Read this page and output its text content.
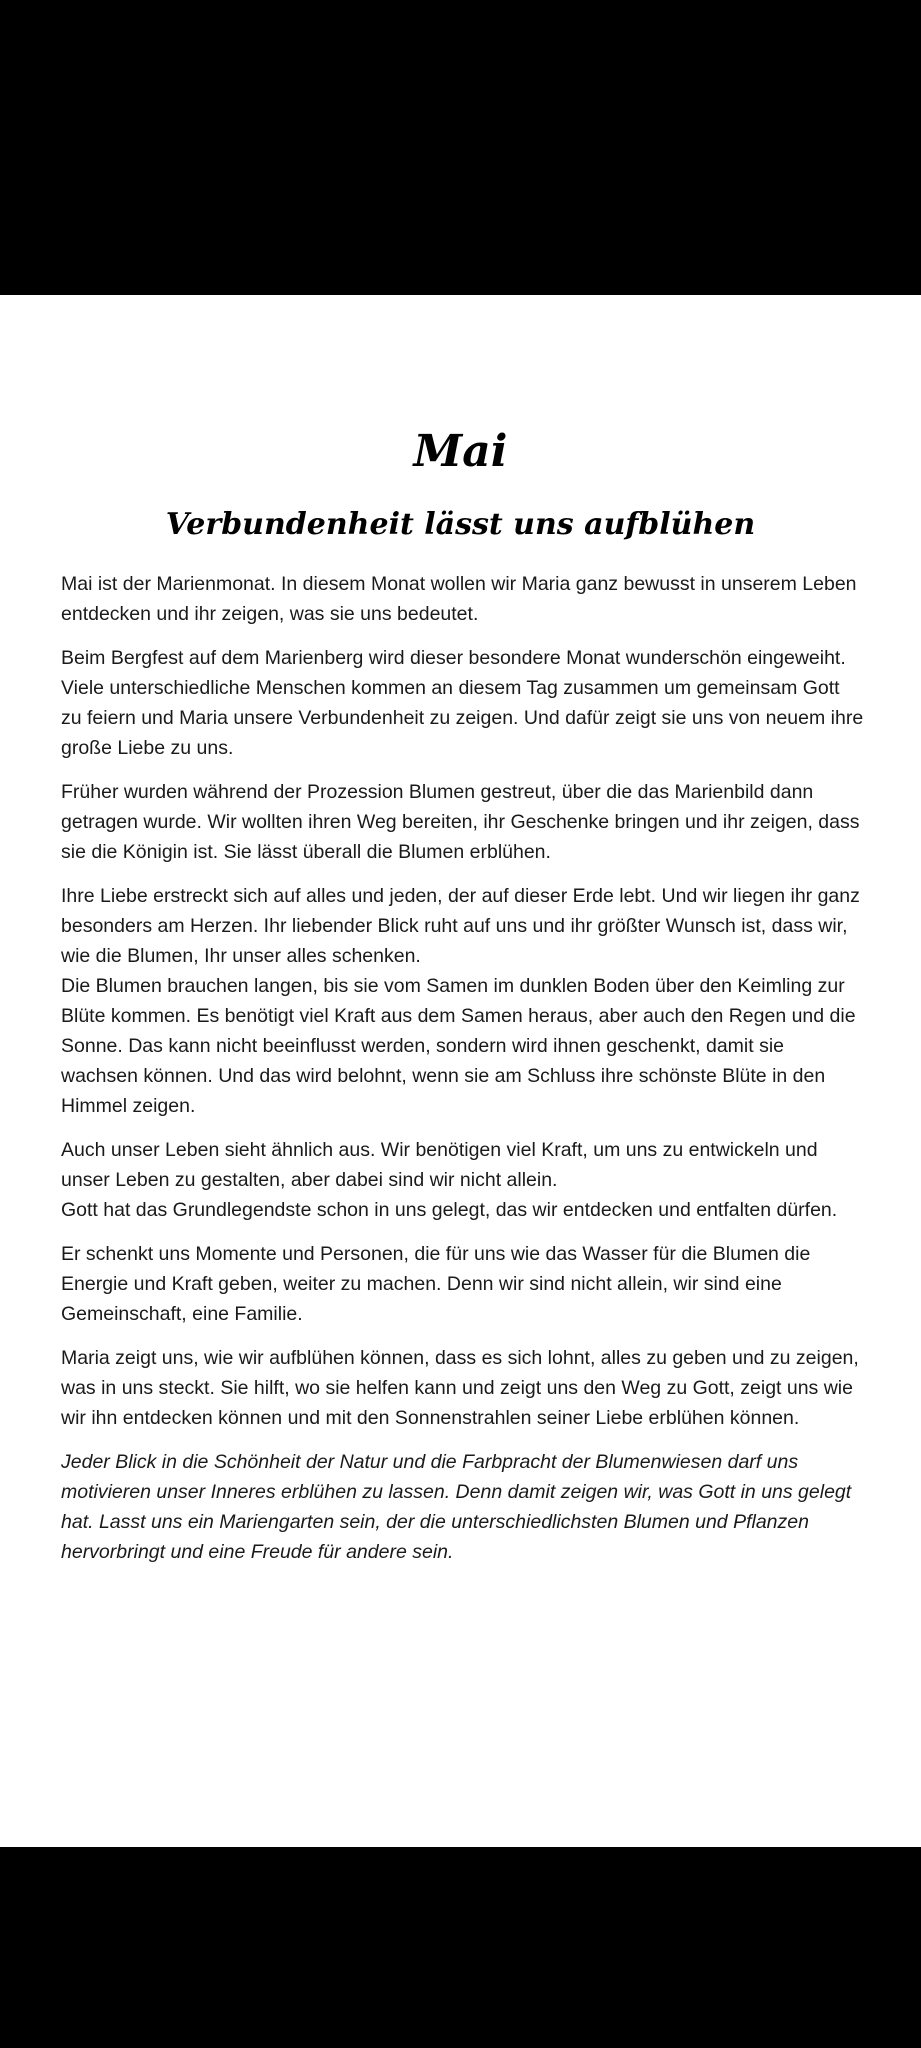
Mai
Verbundenheit lässt uns aufblühen

Mai ist der Marienmonat. In diesem Monat wollen wir Maria ganz bewusst in unserem Leben
entdecken und ihr zeigen, was sie uns bedeutet.

Beim Bergfest auf dem Marienberg wird dieser besondere Monat wunderschön eingeweiht.
Viele unterschiedliche Menschen kommen an diesem Tag zusammen um gemeinsam Gott
zu feiern und Maria unsere Verbundenheit zu zeigen. Und dafür zeigt sie uns von neuem ihre
große Liebe zu uns.

Früher wurden während der Prozession Blumen gestreut, über die das Marienbild dann
getragen wurde. Wir wollten ihren Weg bereiten, ihr Geschenke bringen und ihr zeigen, dass
sie die Königin ist. Sie lässt überall die Blumen erblühen.

Ihre Liebe erstreckt sich auf alles und jeden, der auf dieser Erde lebt. Und wir liegen ihr ganz
besonders am Herzen. Ihr liebender Blick ruht auf uns und ihr größter Wunsch ist, dass wir,
wie die Blumen, Ihr unser alles schenken.
Die Blumen brauchen langen, bis sie vom Samen im dunklen Boden über den Keimling zur
Blüte kommen. Es benötigt viel Kraft aus dem Samen heraus, aber auch den Regen und die
Sonne. Das kann nicht beeinflusst werden, sondern wird ihnen geschenkt, damit sie
wachsen können. Und das wird belohnt, wenn sie am Schluss ihre schönste Blüte in den
Himmel zeigen.

Auch unser Leben sieht ähnlich aus. Wir benötigen viel Kraft, um uns zu entwickeln und
unser Leben zu gestalten, aber dabei sind wir nicht allein.
Gott hat das Grundlegendste schon in uns gelegt, das wir entdecken und entfalten dürfen.

Er schenkt uns Momente und Personen, die für uns wie das Wasser für die Blumen die
Energie und Kraft geben, weiter zu machen. Denn wir sind nicht allein, wir sind eine
Gemeinschaft, eine Familie.

Maria zeigt uns, wie wir aufblühen können, dass es sich lohnt, alles zu geben und zu zeigen,
was in uns steckt. Sie hilft, wo sie helfen kann und zeigt uns den Weg zu Gott, zeigt uns wie
wir ihn entdecken können und mit den Sonnenstrahlen seiner Liebe erblühen können.

Jeder Blick in die Schönheit der Natur und die Farbpracht der Blumenwiesen darf uns
motivieren unser Inneres erblühen zu lassen. Denn damit zeigen wir, was Gott in uns gelegt
hat. Lasst uns ein Mariengarten sein, der die unterschiedlichsten Blumen und Pflanzen
hervorbringt und eine Freude für andere sein.
